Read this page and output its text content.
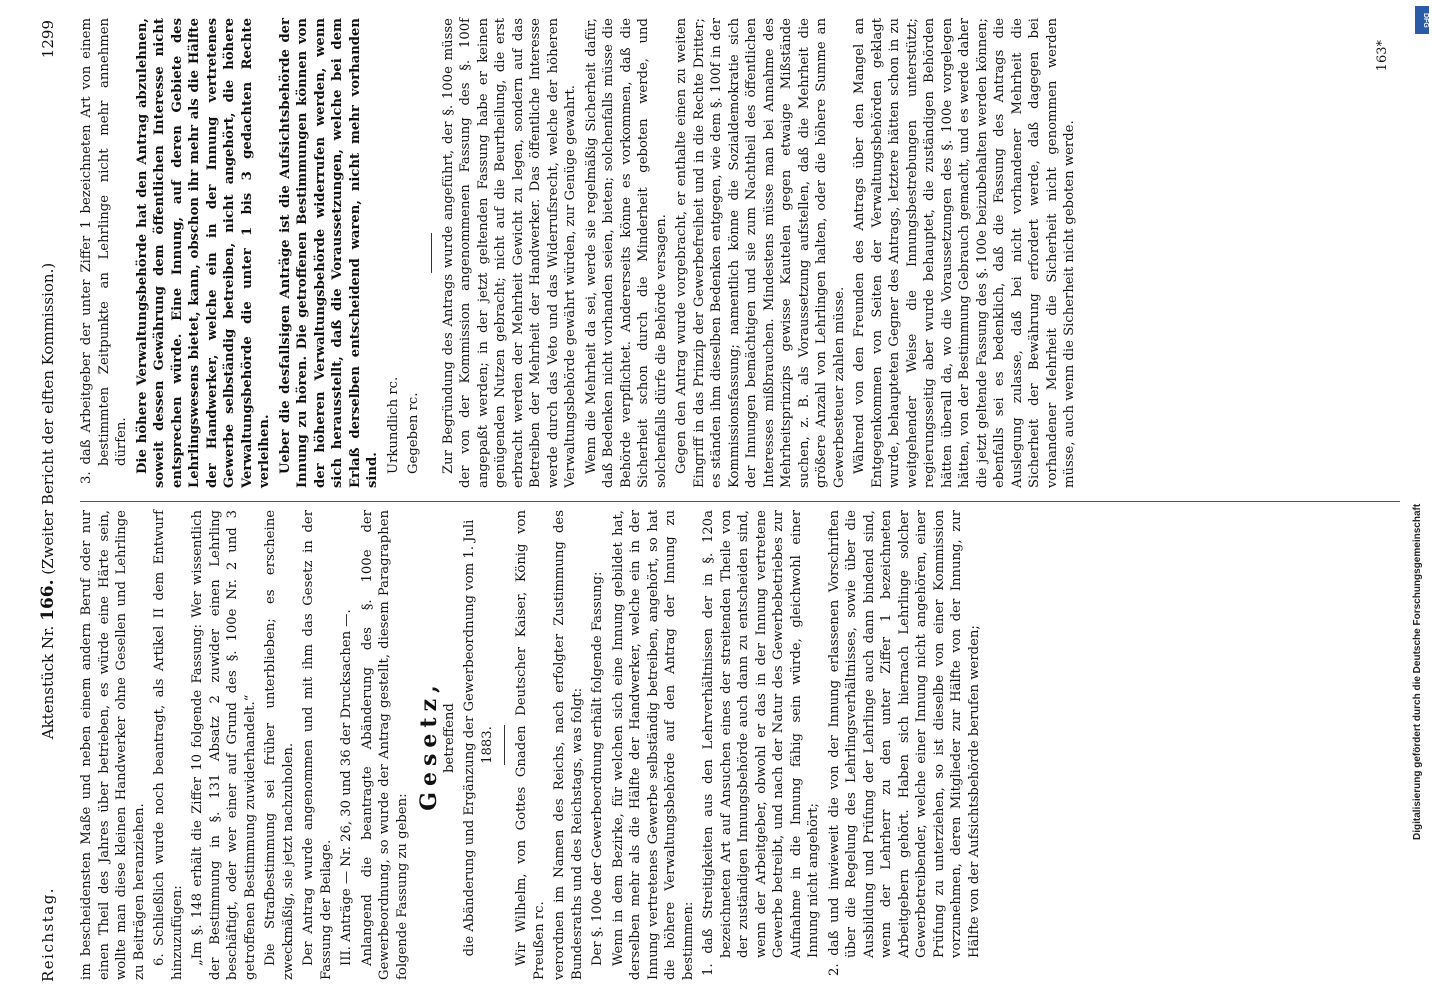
Reichstag.
Aktenstück Nr. 166. (Zweiter Bericht der elften Kommission.)
1299

im bescheidensten Maße und neben einem andern Beruf oder nur einen Theil des Jahres über betrieben, es würde eine Härte sein, wollte man diese kleinen Handwerker ohne Gesellen und Lehrlinge zu Beiträgen heranziehen. 6. Schließlich wurde noch beantragt, als Artikel II dem Entwurf hinzuzufügen: „Im §. 148 erhält die Ziffer 10 folgende Fassung: Wer wissentlich der Bestimmung in §. 131 Absatz 2 zuwider einen Lehrling beschäftigt, oder wer einer auf Grund des §. 100e Nr. 2 und 3 getroffenen Bestimmung zuwiderhandelt.“ Die Strafbestimmung sei früher unterblieben; es erscheine zweckmäßig, sie jetzt nachzuholen. Der Antrag wurde angenommen und mit ihm das Gesetz in der Fassung der Beilage. III. Anträge — Nr. 26, 30 und 36 der Drucksachen —. Anlangend die beantragte Abänderung des §. 100e der Gewerbeordnung, so wurde der Antrag gestellt, diesem Paragraphen folgende Fassung zu geben:

Gesetz, betreffend die Abänderung und Ergänzung der Gewerbeordnung vom 1. Juli 1883. Wir Wilhelm, von Gottes Gnaden Deutscher Kaiser, König von Preußen rc. verordnen im Namen des Reichs, nach erfolgter Zustimmung des Bundesraths und des Reichstags, was folgt: Der §. 100e der Gewerbeordnung erhält folgende Fassung: Wenn in dem Bezirke, für welchen sich eine Innung gebildet hat, derselben mehr als die Hälfte der Handwerker, welche ein in der Innung vertretenes Gewerbe selbständig betreiben, angehört, so hat die höhere Verwaltungsbehörde auf den Antrag der Innung zu bestimmen: 1. daß Streitigkeiten aus den Lehrverhältnissen der in §. 120a bezeichneten Art auf Ansuchen eines der streitenden Theile von der zuständigen Innungsbehörde auch dann zu entscheiden sind, wenn der Arbeitgeber, obwohl er das in der Innung vertretene Gewerbe betreibt, und nach der Natur des Gewerbebetriebes zur Aufnahme in die Innung fähig sein würde, gleichwohl einer Innung nicht angehört; 2. daß und inwieweit die von der Innung erlassenen Vorschriften über die Regelung des Lehrlingsverhältnisses, sowie über die Ausbildung und Prüfung der Lehrlinge auch dann bindend sind, wenn der Lehrherr zu den unter Ziffer 1 bezeichneten Arbeitgebern gehört. Haben sich hiernach Lehrlinge solcher Gewerbetreibender, welche einer Innung nicht angehören, einer Prüfung zu unterziehen, so ist dieselbe von einer Kommission vorzunehmen, deren Mitglieder zur Hälfte von der Innung, zur Hälfte von der Aufsichtsbehörde berufen werden;

3. daß Arbeitgeber der unter Ziffer 1 bezeichneten Art von einem bestimmten Zeitpunkte an Lehrlinge nicht mehr annehmen dürfen. Die höhere Verwaltungsbehörde hat den Antrag abzulehnen, soweit dessen Gewährung dem öffentlichen Interesse nicht entsprechen würde. Eine Innung, auf deren Gebiete des Lehrlingswesens bietet, kann, obschon ihr mehr als die Hälfte der Handwerker, welche ein in der Innung vertretenes Gewerbe selbständig betreiben, nicht angehört, die höhere Verwaltungsbehörde die unter 1 bis 3 gedachten Rechte verleihen. Ueber die desfallsigen Anträge ist die Aufsichtsbehörde der Innung zu hören. Die getroffenen Bestimmungen können von der höheren Verwaltungsbehörde widerrufen werden, wenn sich herausstellt, daß die Voraussetzungen, welche bei dem Erlaß derselben entscheidend waren, nicht mehr vorhanden sind. Urkundlich rc. Gegeben rc. Zur Begründung des Antrags wurde angeführt, der §. 100e müsse der von der Kommission angenommenen Fassung des §. 100f angepaßt werden; in der jetzt geltenden Fassung habe er keinen genügenden Nutzen gebracht; nicht auf die Beurtheilung, die erst erbracht werden der Mehrheit Gewicht zu legen, sondern auf das Betreiben der Mehrheit der Handwerker. Das öffentliche Interesse werde durch das Veto und das Widerrufsrecht, welche der höheren Verwaltungsbehörde gewährt würden, zur Genüge gewahrt. Wenn die Mehrheit da sei, werde sie regelmäßig Sicherheit dafür, daß Bedenken nicht vorhanden seien, bieten; solchenfalls müsse die Behörde verpflichtet. Andererseits könne es vorkommen, daß die Sicherheit schon durch die Minderheit geboten werde, und solchenfalls dürfe die Behörde versagen. Gegen den Antrag wurde vorgebracht, er enthalte einen zu weiten Eingriff in das Prinzip der Gewerbefreiheit und in die Rechte Dritter; es ständen ihm dieselben Bedenken entgegen, wie dem §. 100f in der Kommissionsfassung; namentlich könne die Sozialdemokratie sich der Innungen bemächtigen und sie zum Nachtheil des öffentlichen Interesses mißbrauchen. Mindestens müsse man bei Annahme des Mehrheitsprinzips gewisse Kautelen gegen etwaige Mißstände suchen, z. B. als Voraussetzung aufstellen, daß die Mehrheit die größere Anzahl von Lehrlingen halten, oder die höhere Summe an Gewerbesteuer zahlen müsse. Während von den Freunden des Antrags über den Mangel an Entgegenkommen von Seiten der Verwaltungsbehörden geklagt wurde, behaupteten Gegner des Antrags, letztere hätten schon in zu weitgehender Weise die Innungsbestrebungen unterstützt; regierungsseitig aber wurde behauptet, die zuständigen Behörden hätten überall da, wo die Voraussetzungen des §. 100e vorgelegen hätten, von der Bestimmung Gebrauch gemacht, und es werde daher die jetzt geltende Fassung des §. 100e beizubehalten werden können; ebenfalls sei es bedenklich, daß die Fassung des Antrags die Auslegung zulasse, daß bei nicht vorhandener Mehrheit die Sicherheit der Bewährung erfordert werde, daß dagegen bei vorhandener Mehrheit die Sicherheit nicht genommen werden müsse, auch wenn die Sicherheit nicht geboten werde.

163*
Digitalisierung gefördert durch die Deutsche Forschungsgemeinschaft
DFG
